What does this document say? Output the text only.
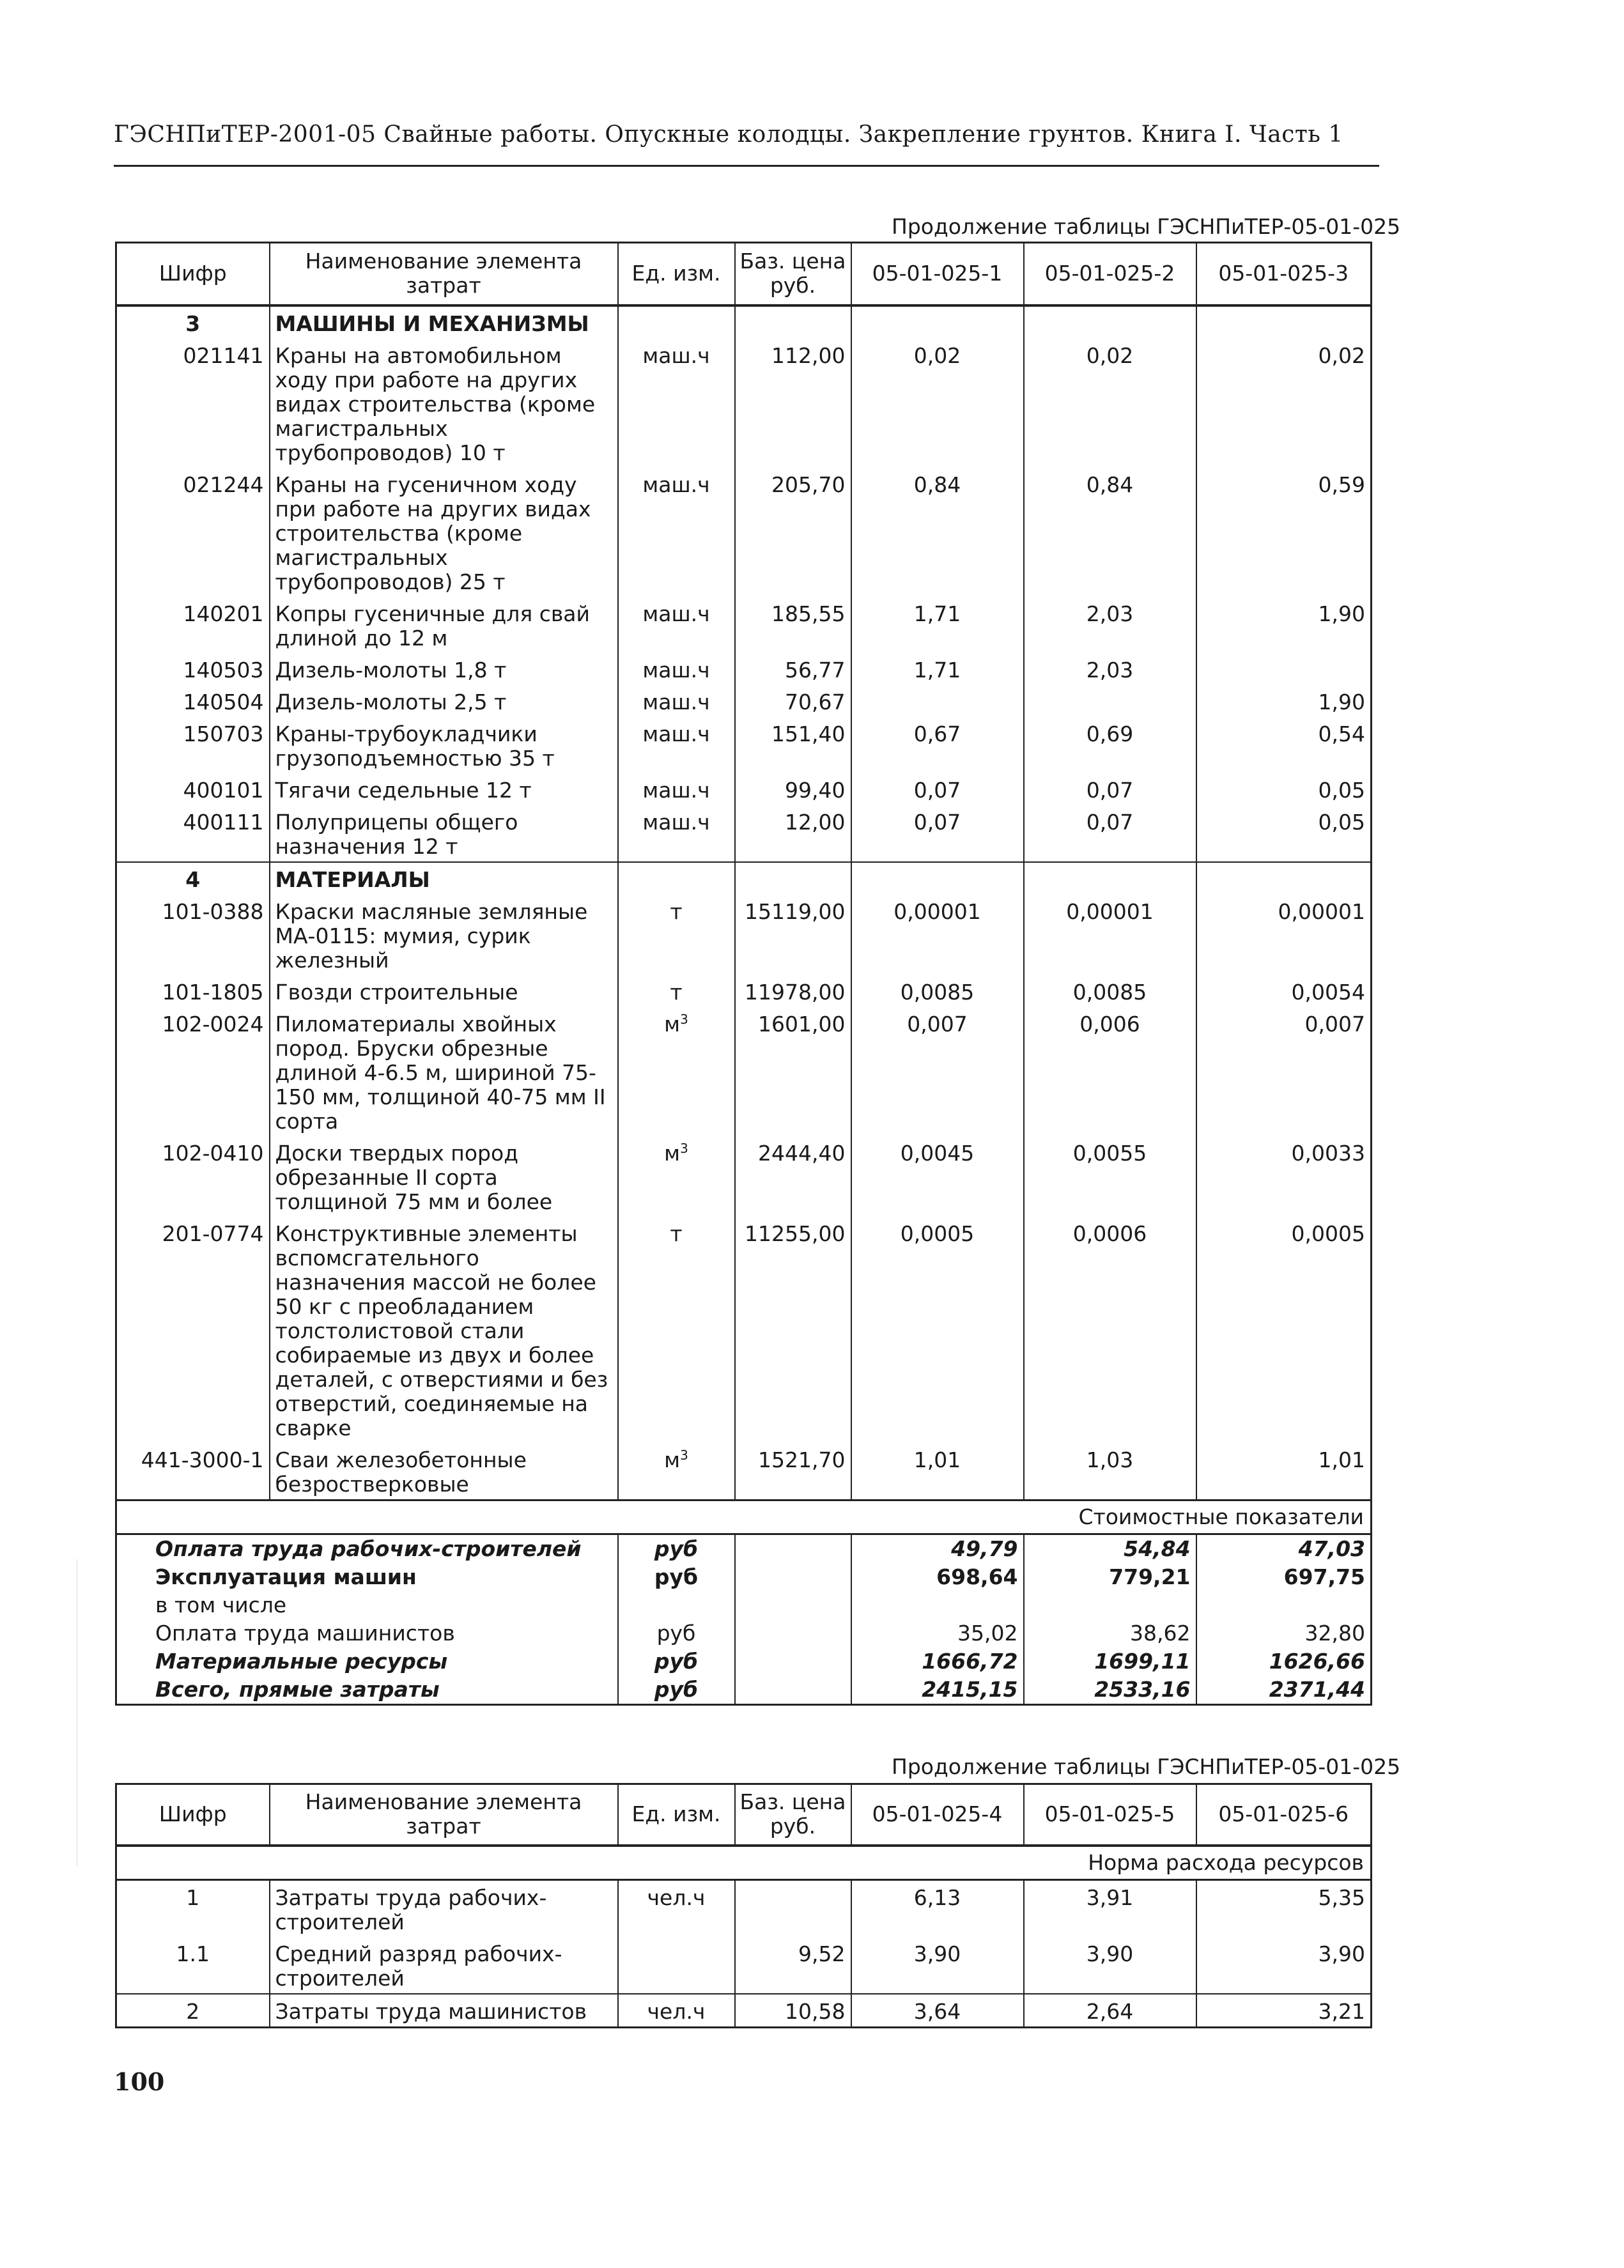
ГЭСНПиТЕР-2001-05 Свайные работы. Опускные колодцы. Закрепление грунтов. Книга I. Часть 1
Продолжение таблицы ГЭСНПиТЕР-05-01-025
Шифр	Наименование элемента затрат	Ед. изм.	Баз. цена руб.	05-01-025-1	05-01-025-2	05-01-025-3
3	МАШИНЫ И МЕХАНИЗМЫ					
021141	Краны на автомобильном ходу при работе на других видах строительства (кроме магистральных трубопроводов) 10 т	маш.ч	112,00	0,02	0,02	0,02
021244	Краны на гусеничном ходу при работе на других видах строительства (кроме магистральных трубопроводов) 25 т	маш.ч	205,70	0,84	0,84	0,59
140201	Копры гусеничные для свай длиной до 12 м	маш.ч	185,55	1,71	2,03	1,90
140503	Дизель-молоты 1,8 т	маш.ч	56,77	1,71	2,03	
140504	Дизель-молоты 2,5 т	маш.ч	70,67			1,90
150703	Краны-трубоукладчики грузоподъемностью 35 т	маш.ч	151,40	0,67	0,69	0,54
400101	Тягачи седельные 12 т	маш.ч	99,40	0,07	0,07	0,05
400111	Полуприцепы общего назначения 12 т	маш.ч	12,00	0,07	0,07	0,05
4	МАТЕРИАЛЫ					
101-0388	Краски масляные земляные МА-0115: мумия, сурик железный	т	15119,00	0,00001	0,00001	0,00001
101-1805	Гвозди строительные	т	11978,00	0,0085	0,0085	0,0054
102-0024	Пиломатериалы хвойных пород. Бруски обрезные длиной 4-6.5 м, шириной 75-150 мм, толщиной 40-75 мм II сорта	$м^3$	1601,00	0,007	0,006	0,007
102-0410	Доски твердых пород обрезанные II сорта толщиной 75 мм и более	$м^3$	2444,40	0,0045	0,0055	0,0033
201-0774	Конструктивные элементы вспомсгательного назначения массой не более 50 кг с преобладанием толстолистовой стали собираемые из двух и более деталей, с отверстиями и без отверстий, соединяемые на сварке	т	11255,00	0,0005	0,0006	0,0005
441-3000-1	Сваи железобетонные безростверковые	$м^3$	1521,70	1,01	1,03	1,01
Стоимостные показатели						
Оплата труда рабочих-строителей		руб		49,79	54,84	47,03
Эксплуатация машин		руб		698,64	779,21	697,75
в том числе						
Оплата труда машинистов		руб		35,02	38,62	32,80
Материальные ресурсы		руб		1666,72	1699,11	1626,66
Всего, прямые затраты		руб		2415,15	2533,16	2371,44
Продолжение таблицы ГЭСНПиТЕР-05-01-025
Шифр	Наименование элемента затрат	Ед. изм.	Баз. цена руб.	05-01-025-4	05-01-025-5	05-01-025-6
Норма расхода ресурсов						
1	Затраты труда рабочих-строителей	чел.ч		6,13	3,91	5,35
1.1	Средний разряд рабочих-строителей		9,52	3,90	3,90	3,90
2	Затраты труда машинистов	чел.ч	10,58	3,64	2,64	3,21
100
